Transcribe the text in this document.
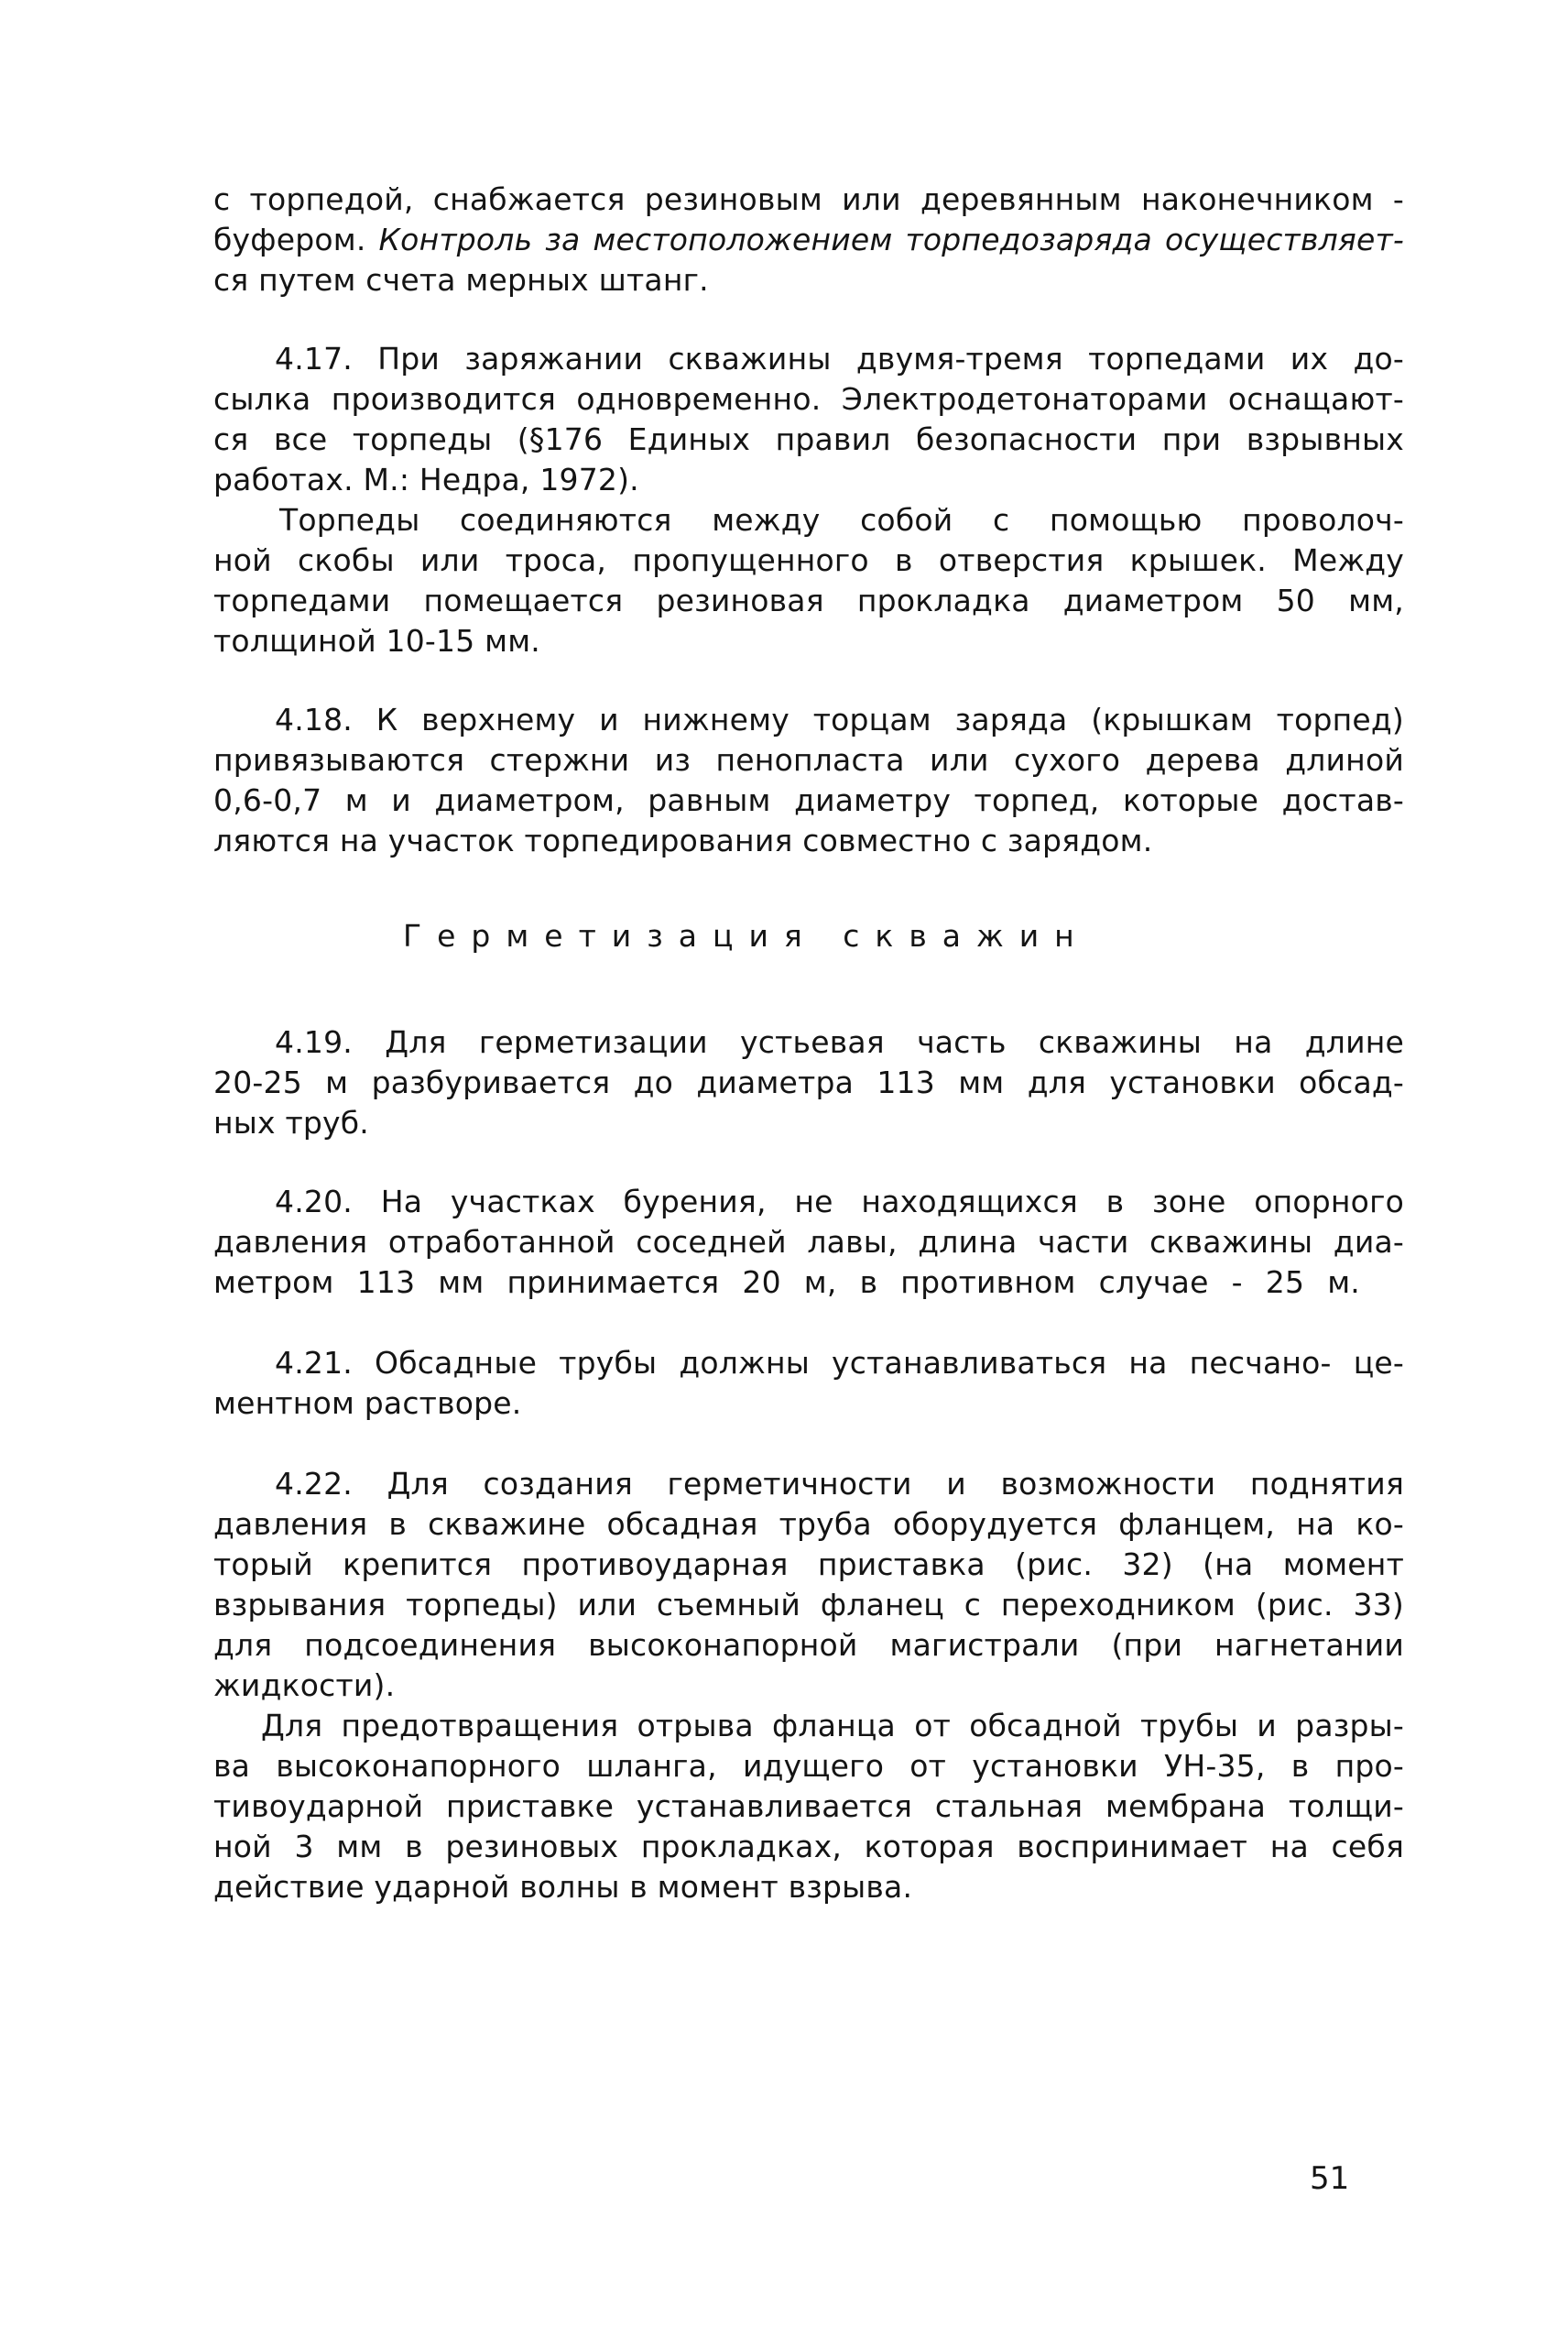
с торпедой, снабжается резиновым или деревянным наконечником -
буфером. Контроль за местоположением торпедозаряда осуществляет-
ся путем счета мерных штанг.
4.17. При заряжании скважины двумя-тремя торпедами их до-
сылка производится одновременно. Электродетонаторами оснащают-
ся все торпеды (§176 Единых правил безопасности при взрывных
работах. М.: Недра, 1972).
Торпеды соединяются между собой с помощью проволоч-
ной скобы или троса, пропущенного в отверстия крышек. Между
торпедами помещается резиновая прокладка диаметром 50 мм,
толщиной 10-15 мм.
4.18. К верхнему и нижнему торцам заряда (крышкам торпед)
привязываются стержни из пенопласта или сухого дерева длиной
0,6-0,7 м и диаметром, равным диаметру торпед, которые достав-
ляются на участок торпедирования совместно с зарядом.
Герметизация скважин
4.19. Для герметизации устьевая часть скважины на длине
20-25 м разбуривается до диаметра 113 мм для установки обсад-
ных труб.
4.20. На участках бурения, не находящихся в зоне опорного
давления отработанной соседней лавы, длина части скважины диа-
метром 113 мм принимается 20 м, в противном случае - 25 м.
4.21. Обсадные трубы должны устанавливаться на песчано- це-
ментном растворе.
4.22. Для создания герметичности и возможности поднятия
давления в скважине обсадная труба оборудуется фланцем, на ко-
торый крепится противоударная приставка (рис. 32) (на момент
взрывания торпеды) или съемный фланец с переходником (рис. 33)
для подсоединения высоконапорной магистрали (при нагнетании
жидкости).
Для предотвращения отрыва фланца от обсадной трубы и разры-
ва высоконапорного шланга, идущего от установки УН-35, в про-
тивоударной приставке устанавливается стальная мембрана толщи-
ной 3 мм в резиновых прокладках, которая воспринимает на себя
действие ударной волны в момент взрыва.
51
